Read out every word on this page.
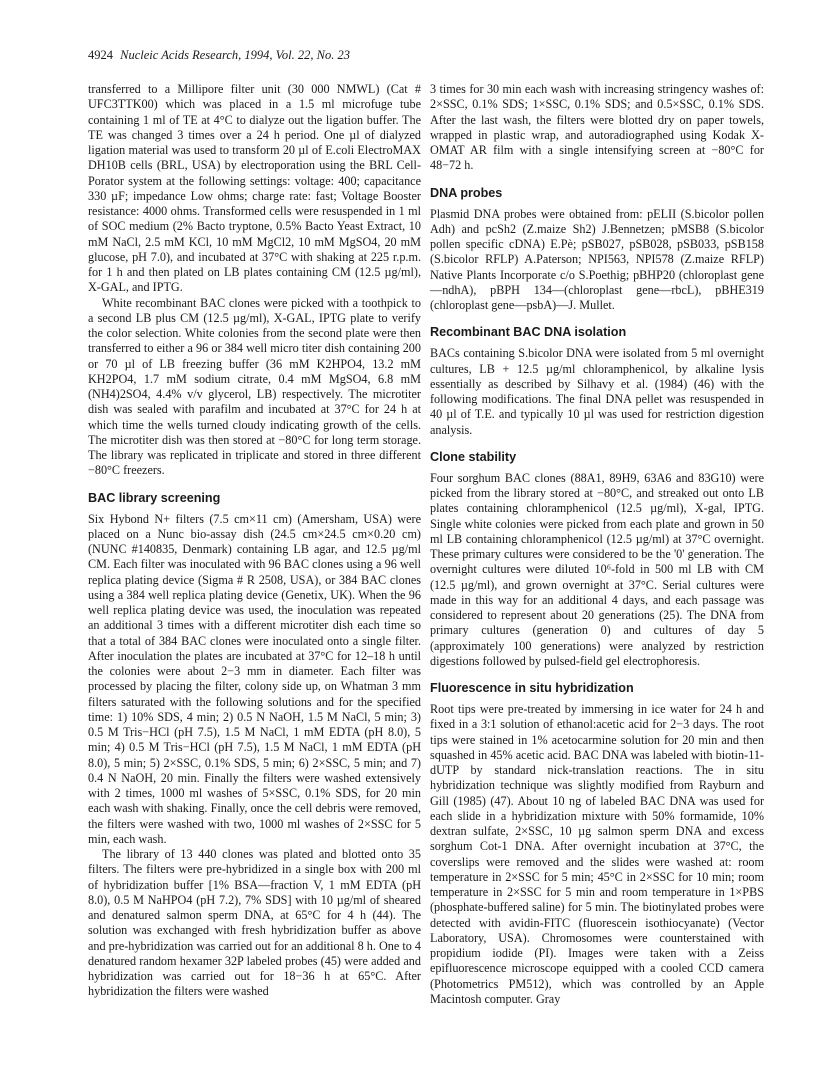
4924 Nucleic Acids Research, 1994, Vol. 22, No. 23

transferred to a Millipore filter unit (30 000 NMWL) (Cat # UFC3TTK00) which was placed in a 1.5 ml microfuge tube containing 1 ml of TE at 4°C to dialyze out the ligation buffer. The TE was changed 3 times over a 24 h period. One µl of dialyzed ligation material was used to transform 20 µl of E.coli ElectroMAX DH10B cells (BRL, USA) by electroporation using the BRL Cell-Porator system at the following settings: voltage: 400; capacitance 330 µF; impedance Low ohms; charge rate: fast; Voltage Booster resistance: 4000 ohms. Transformed cells were resuspended in 1 ml of SOC medium (2% Bacto tryptone, 0.5% Bacto Yeast Extract, 10 mM NaCl, 2.5 mM KCl, 10 mM MgCl2, 10 mM MgSO4, 20 mM glucose, pH 7.0), and incubated at 37°C with shaking at 225 r.p.m. for 1 h and then plated on LB plates containing CM (12.5 µg/ml), X-GAL, and IPTG.

White recombinant BAC clones were picked with a toothpick to a second LB plus CM (12.5 µg/ml), X-GAL, IPTG plate to verify the color selection. White colonies from the second plate were then transferred to either a 96 or 384 well micro titer dish containing 200 or 70 µl of LB freezing buffer (36 mM K2HPO4, 13.2 mM KH2PO4, 1.7 mM sodium citrate, 0.4 mM MgSO4, 6.8 mM (NH4)2SO4, 4.4% v/v glycerol, LB) respectively. The microtiter dish was sealed with parafilm and incubated at 37°C for 24 h at which time the wells turned cloudy indicating growth of the cells. The microtiter dish was then stored at −80°C for long term storage. The library was replicated in triplicate and stored in three different −80°C freezers.

BAC library screening

Six Hybond N+ filters (7.5 cm×11 cm) (Amersham, USA) were placed on a Nunc bio-assay dish (24.5 cm×24.5 cm×0.20 cm) (NUNC #140835, Denmark) containing LB agar, and 12.5 µg/ml CM. Each filter was inoculated with 96 BAC clones using a 96 well replica plating device (Sigma # R 2508, USA), or 384 BAC clones using a 384 well replica plating device (Genetix, UK). When the 96 well replica plating device was used, the inoculation was repeated an additional 3 times with a different microtiter dish each time so that a total of 384 BAC clones were inoculated onto a single filter. After inoculation the plates are incubated at 37°C for 12–18 h until the colonies were about 2−3 mm in diameter. Each filter was processed by placing the filter, colony side up, on Whatman 3 mm filters saturated with the following solutions and for the specified time: 1) 10% SDS, 4 min; 2) 0.5 N NaOH, 1.5 M NaCl, 5 min; 3) 0.5 M Tris−HCl (pH 7.5), 1.5 M NaCl, 1 mM EDTA (pH 8.0), 5 min; 4) 0.5 M Tris−HCl (pH 7.5), 1.5 M NaCl, 1 mM EDTA (pH 8.0), 5 min; 5) 2×SSC, 0.1% SDS, 5 min; 6) 2×SSC, 5 min; and 7) 0.4 N NaOH, 20 min. Finally the filters were washed extensively with 2 times, 1000 ml washes of 5×SSC, 0.1% SDS, for 20 min each wash with shaking. Finally, once the cell debris were removed, the filters were washed with two, 1000 ml washes of 2×SSC for 5 min, each wash.

The library of 13 440 clones was plated and blotted onto 35 filters. The filters were pre-hybridized in a single box with 200 ml of hybridization buffer [1% BSA—fraction V, 1 mM EDTA (pH 8.0), 0.5 M NaHPO4 (pH 7.2), 7% SDS] with 10 µg/ml of sheared and denatured salmon sperm DNA, at 65°C for 4 h (44). The solution was exchanged with fresh hybridization buffer as above and pre-hybridization was carried out for an additional 8 h. One to 4 denatured random hexamer 32P labeled probes (45) were added and hybridization was carried out for 18−36 h at 65°C. After hybridization the filters were washed

3 times for 30 min each wash with increasing stringency washes of: 2×SSC, 0.1% SDS; 1×SSC, 0.1% SDS; and 0.5×SSC, 0.1% SDS. After the last wash, the filters were blotted dry on paper towels, wrapped in plastic wrap, and autoradiographed using Kodak X-OMAT AR film with a single intensifying screen at −80°C for 48−72 h.

DNA probes

Plasmid DNA probes were obtained from: pELII (S.bicolor pollen Adh) and pcSh2 (Z.maize Sh2) J.Bennetzen; pMSB8 (S.bicolor pollen specific cDNA) E.Pè; pSB027, pSB028, pSB033, pSB158 (S.bicolor RFLP) A.Paterson; NPI563, NPI578 (Z.maize RFLP) Native Plants Incorporate c/o S.Poethig; pBHP20 (chloroplast gene—ndhA), pBPH 134—(chloroplast gene—rbcL), pBHE319 (chloroplast gene—psbA)—J. Mullet.

Recombinant BAC DNA isolation

BACs containing S.bicolor DNA were isolated from 5 ml overnight cultures, LB + 12.5 µg/ml chloramphenicol, by alkaline lysis essentially as described by Silhavy et al. (1984) (46) with the following modifications. The final DNA pellet was resuspended in 40 µl of T.E. and typically 10 µl was used for restriction digestion analysis.

Clone stability

Four sorghum BAC clones (88A1, 89H9, 63A6 and 83G10) were picked from the library stored at −80°C, and streaked out onto LB plates containing chloramphenicol (12.5 µg/ml), X-gal, IPTG. Single white colonies were picked from each plate and grown in 50 ml LB containing chloramphenicol (12.5 µg/ml) at 37°C overnight. These primary cultures were considered to be the '0' generation. The overnight cultures were diluted 10⁶-fold in 500 ml LB with CM (12.5 µg/ml), and grown overnight at 37°C. Serial cultures were made in this way for an additional 4 days, and each passage was considered to represent about 20 generations (25). The DNA from primary cultures (generation 0) and cultures of day 5 (approximately 100 generations) were analyzed by restriction digestions followed by pulsed-field gel electrophoresis.

Fluorescence in situ hybridization

Root tips were pre-treated by immersing in ice water for 24 h and fixed in a 3:1 solution of ethanol:acetic acid for 2−3 days. The root tips were stained in 1% acetocarmine solution for 20 min and then squashed in 45% acetic acid. BAC DNA was labeled with biotin-11-dUTP by standard nick-translation reactions. The in situ hybridization technique was slightly modified from Rayburn and Gill (1985) (47). About 10 ng of labeled BAC DNA was used for each slide in a hybridization mixture with 50% formamide, 10% dextran sulfate, 2×SSC, 10 µg salmon sperm DNA and excess sorghum Cot-1 DNA. After overnight incubation at 37°C, the coverslips were removed and the slides were washed at: room temperature in 2×SSC for 5 min; 45°C in 2×SSC for 10 min; room temperature in 2×SSC for 5 min and room temperature in 1×PBS (phosphate-buffered saline) for 5 min. The biotinylated probes were detected with avidin-FITC (fluorescein isothiocyanate) (Vector Laboratory, USA). Chromosomes were counterstained with propidium iodide (PI). Images were taken with a Zeiss epifluorescence microscope equipped with a cooled CCD camera (Photometrics PM512), which was controlled by an Apple Macintosh computer. Gray
